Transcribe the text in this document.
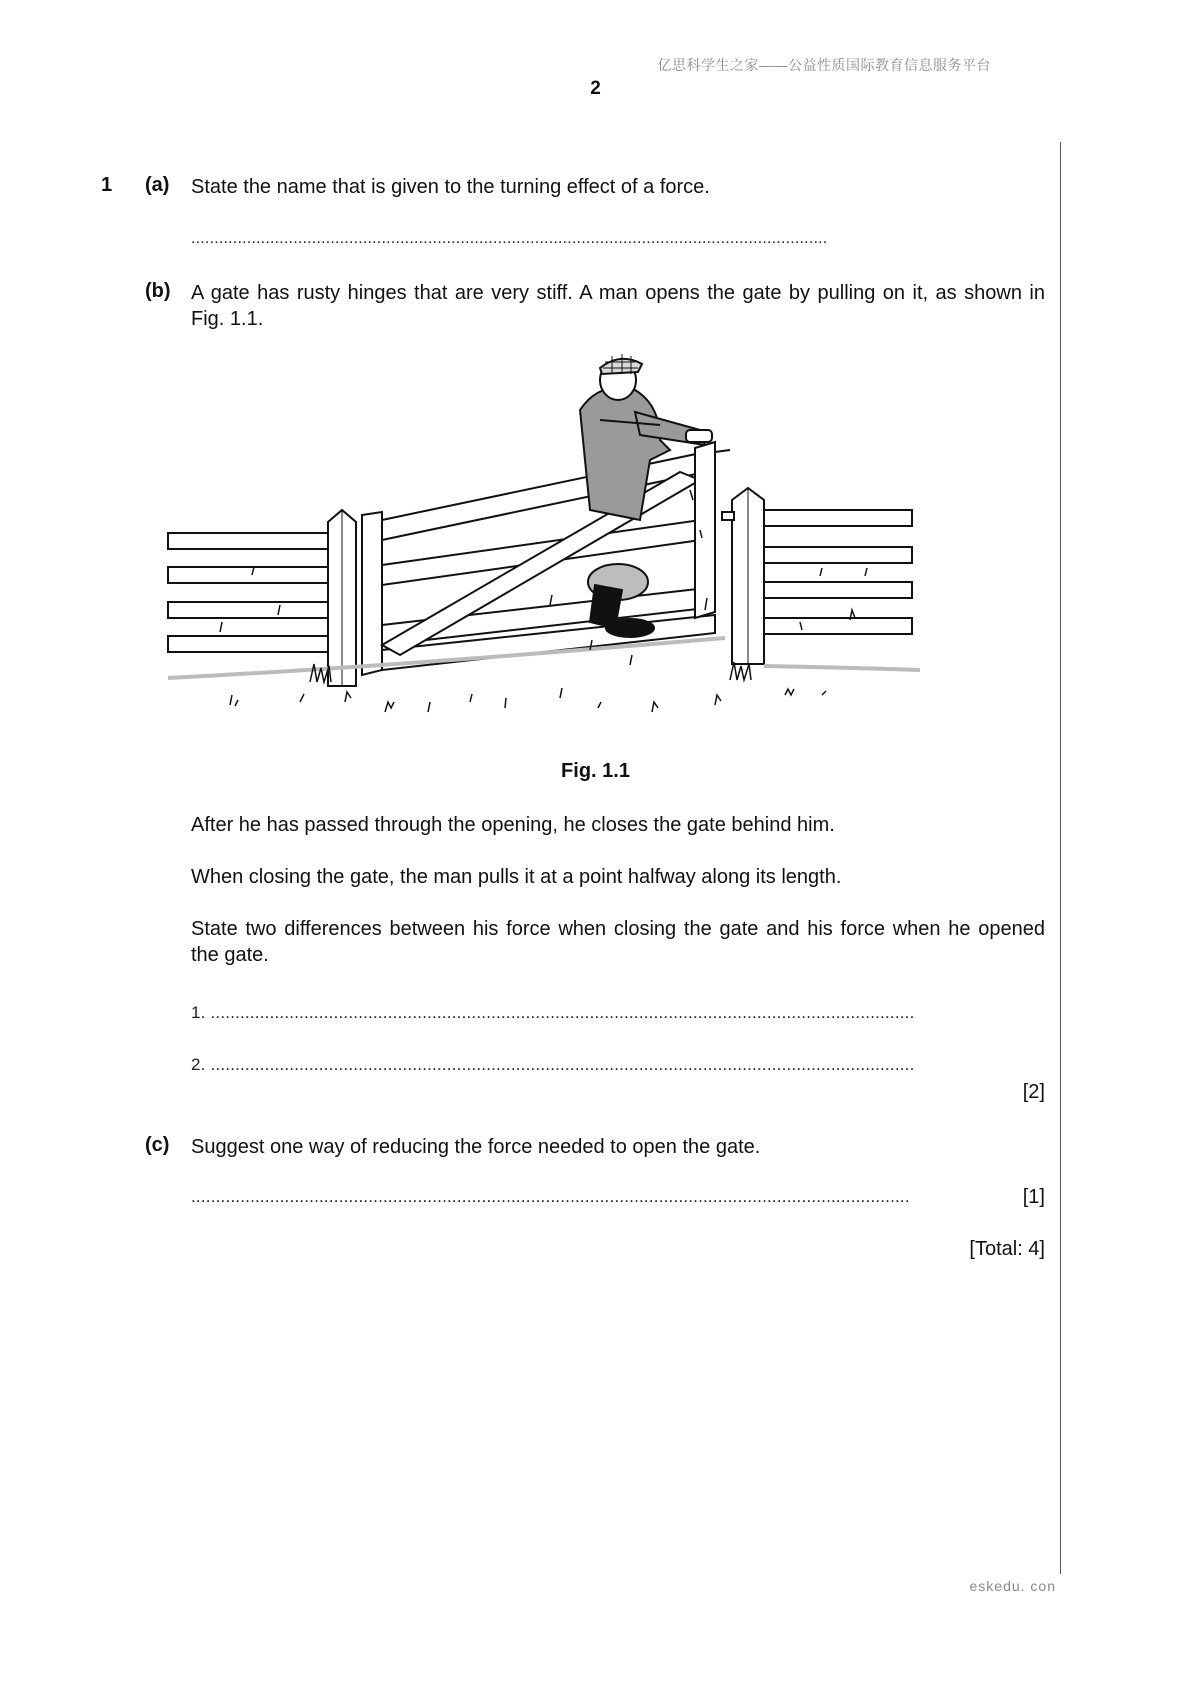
亿思科学生之家——公益性质国际教育信息服务平台
2
1 (a) State the name that is given to the turning effect of a force.
.........................................................................................................................................
(b) A gate has rusty hinges that are very stiff. A man opens the gate by pulling on it, as shown in Fig. 1.1.
Fig. 1.1
After he has passed through the opening, he closes the gate behind him.
When closing the gate, the man pulls it at a point halfway along its length.
State two differences between his force when closing the gate and his force when he opened the gate.
1. ...............................................................................................................................................
2. ...............................................................................................................................................
[2]
(c) Suggest one way of reducing the force needed to open the gate.
..................................................................................................................................................	[1]
[Total: 4]
eskedu. con
